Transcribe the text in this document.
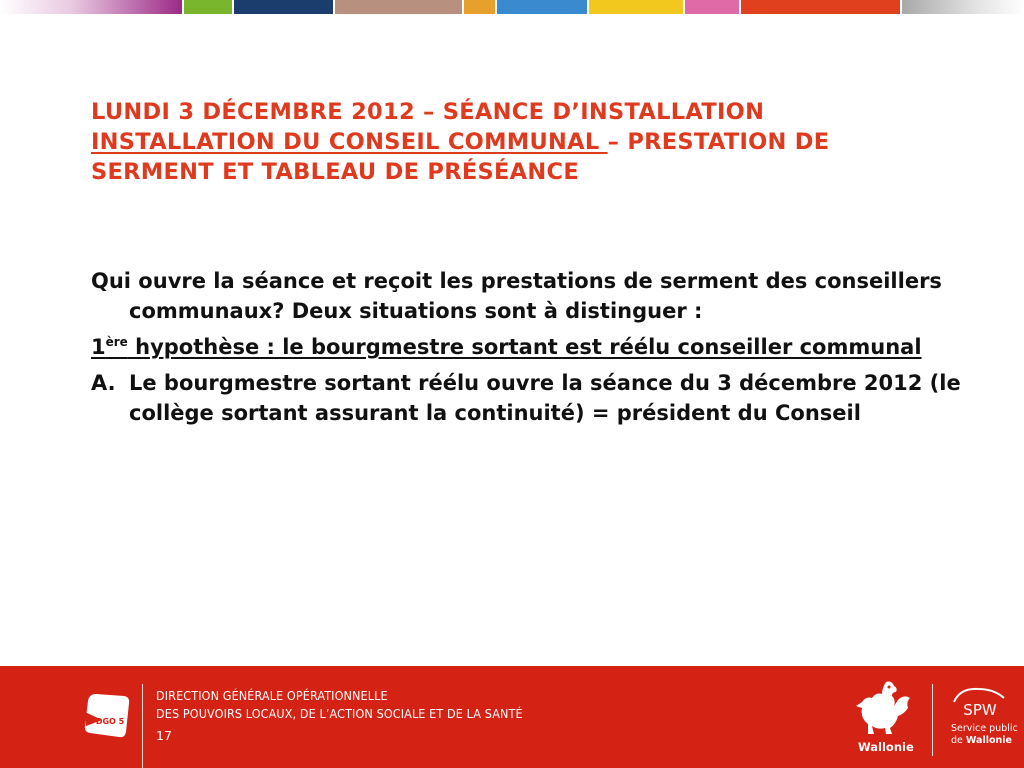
LUNDI 3 DÉCEMBRE 2012 – SÉANCE D’INSTALLATION
INSTALLATION DU CONSEIL COMMUNAL – PRESTATION DE
SERMENT ET TABLEAU DE PRÉSÉANCE

Qui ouvre la séance et reçoit les prestations de serment des conseillers communaux? Deux situations sont à distinguer :

1ère hypothèse : le bourgmestre sortant est réélu conseiller communal

A. Le bourgmestre sortant réélu ouvre la séance du 3 décembre 2012 (le collège sortant assurant la continuité) = président du Conseil

DGO 5
DIRECTION GÉNÉRALE OPÉRATIONNELLE
DES POUVOIRS LOCAUX, DE L’ACTION SOCIALE ET DE LA SANTÉ
17
Wallonie
SPW
Service public
de Wallonie
